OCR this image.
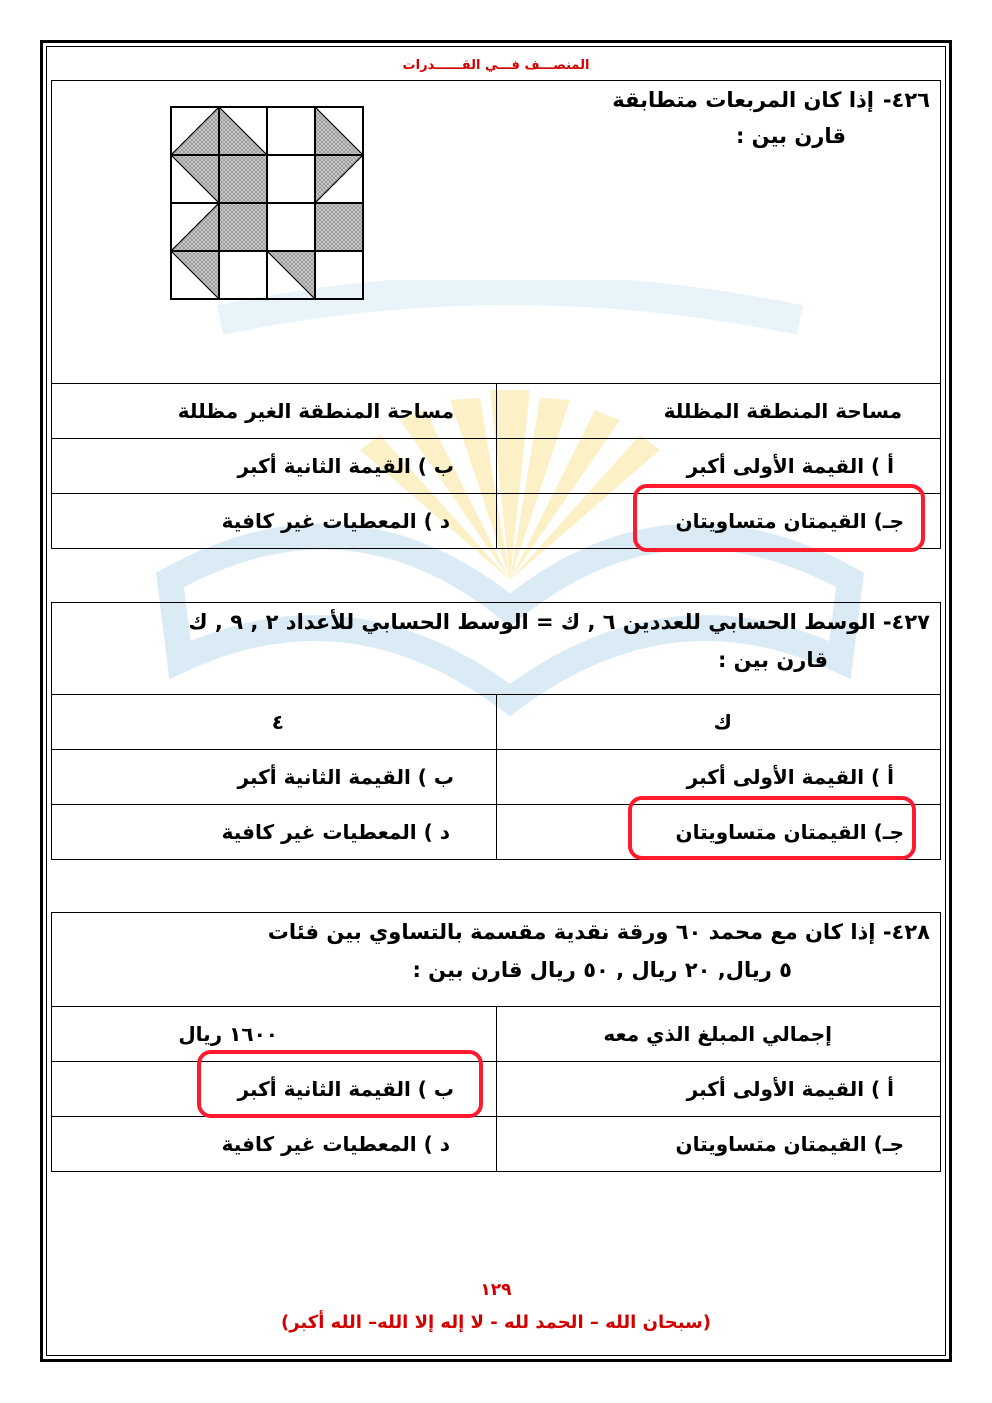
المنصـــف فـــي القــــــدرات
٤٢٦-
إذا كان المربعات متطابقة
قارن بين :
مساحة المنطقة المظللة
مساحة المنطقة الغير مظللة
أ ) القيمة الأولى أكبر
ب ) القيمة الثانية أكبر
جـ) القيمتان متساويتان
د ) المعطيات غير كافية
٤٢٧- الوسط الحسابي للعددين ٦ , ك = الوسط الحسابي للأعداد ٢ , ٩ , ك
قارن بين :
ك
٤
أ ) القيمة الأولى أكبر
ب ) القيمة الثانية أكبر
جـ) القيمتان متساويتان
د ) المعطيات غير كافية
٤٢٨- إذا كان مع محمد ٦٠ ورقة نقدية مقسمة بالتساوي بين فئات
٥ ريال, ٢٠ ريال , ٥٠ ريال قارن بين :
إجمالي المبلغ الذي معه
١٦٠٠ ريال
أ ) القيمة الأولى أكبر
ب ) القيمة الثانية أكبر
جـ) القيمتان متساويتان
د ) المعطيات غير كافية
١٢٩
(سبحان الله – الحمد لله - لا إله إلا الله– الله أكبر)
